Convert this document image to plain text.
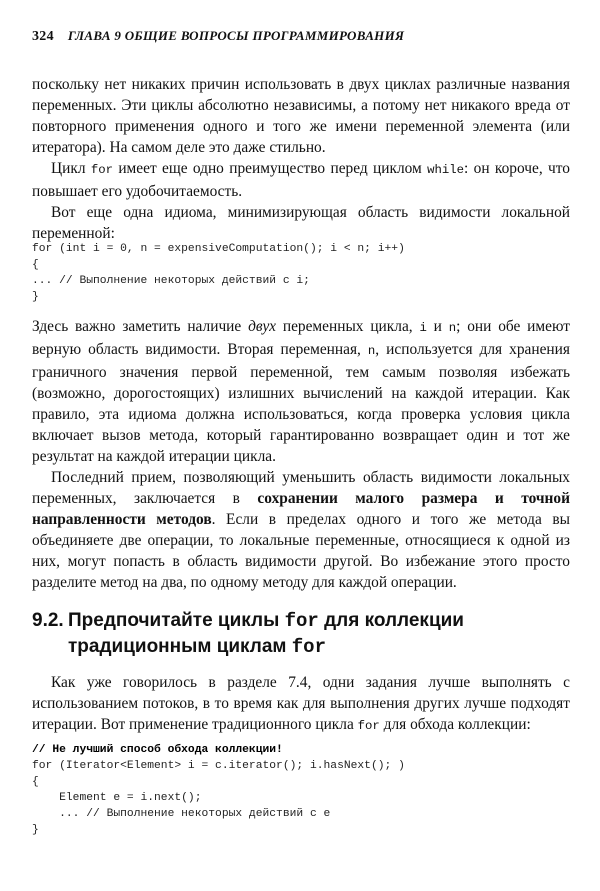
324 ГЛАВА 9 ОБЩИЕ ВОПРОСЫ ПРОГРАММИРОВАНИЯ

поскольку нет никаких причин использовать в двух циклах различные названия переменных. Эти циклы абсолютно независимы, а потому нет никакого вреда от повторного применения одного и того же имени переменной элемента (или итератора). На самом деле это даже стильно.

Цикл for имеет еще одно преимущество перед циклом while: он короче, что повышает его удобочитаемость.

Вот еще одна идиома, минимизирующая область видимости локальной переменной:

for (int i = 0, n = expensiveComputation(); i < n; i++)
{
... // Выполнение некоторых действий с i;
}

Здесь важно заметить наличие двух переменных цикла, i и n; они обе имеют верную область видимости. Вторая переменная, n, используется для хранения граничного значения первой переменной, тем самым позволяя избежать (возможно, дорогостоящих) излишних вычислений на каждой итерации. Как правило, эта идиома должна использоваться, когда проверка условия цикла включает вызов метода, который гарантированно возвращает один и тот же результат на каждой итерации цикла.

Последний прием, позволяющий уменьшить область видимости локальных переменных, заключается в сохранении малого размера и точной направленности методов. Если в пределах одного и того же метода вы объединяете две операции, то локальные переменные, относящиеся к одной из них, могут попасть в область видимости другой. Во избежание этого просто разделите метод на два, по одному методу для каждой операции.

9.2. Предпочитайте циклы for для коллекции
традиционным циклам for

Как уже говорилось в разделе 7.4, одни задания лучше выполнять с использованием потоков, в то время как для выполнения других лучше подходят итерации. Вот применение традиционного цикла for для обхода коллекции:

// Не лучший способ обхода коллекции!
for (Iterator<Element> i = c.iterator(); i.hasNext(); )
{
Element e = i.next();
... // Выполнение некоторых действий с e
}
